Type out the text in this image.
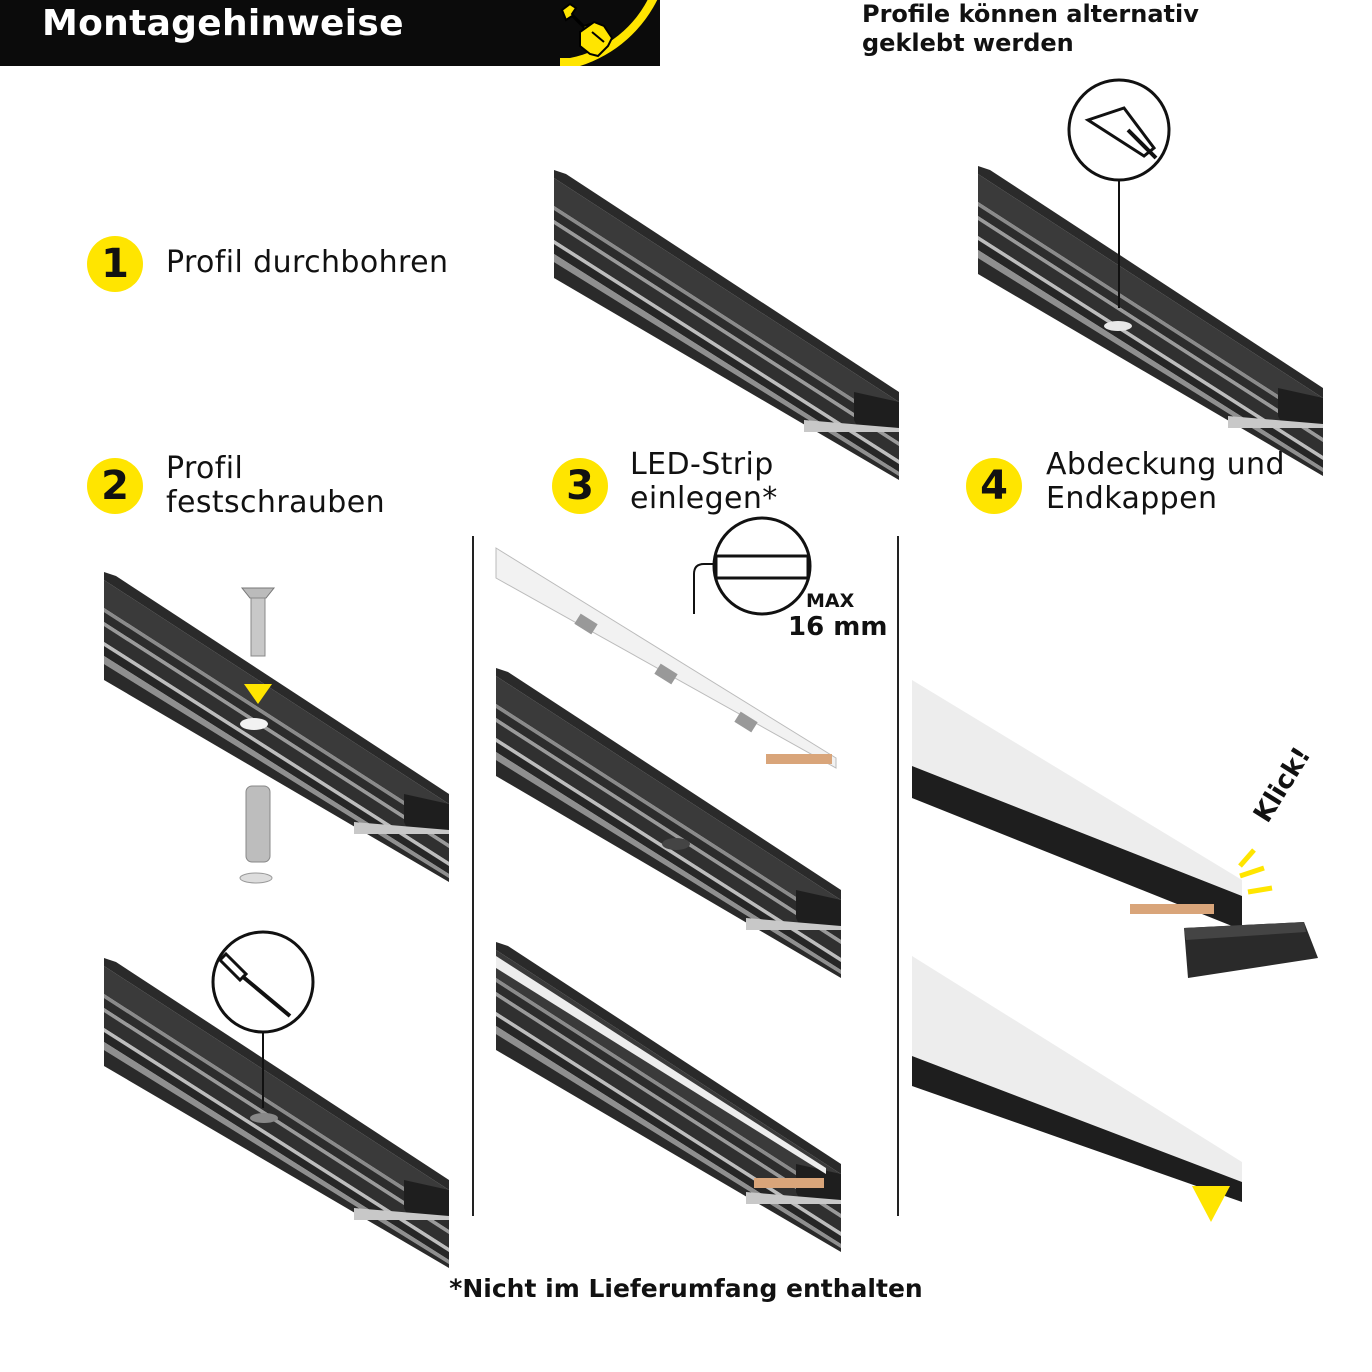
Montagehinweise	Profile können alternativ
geklebt werden
1	Profil durchbohren
2	Profil
festschrauben	3	LED-Strip
einlegen*	4	Abdeckung und
Endkappen
MAX
16 mm
Klick!
*Nicht im Lieferumfang enthalten
